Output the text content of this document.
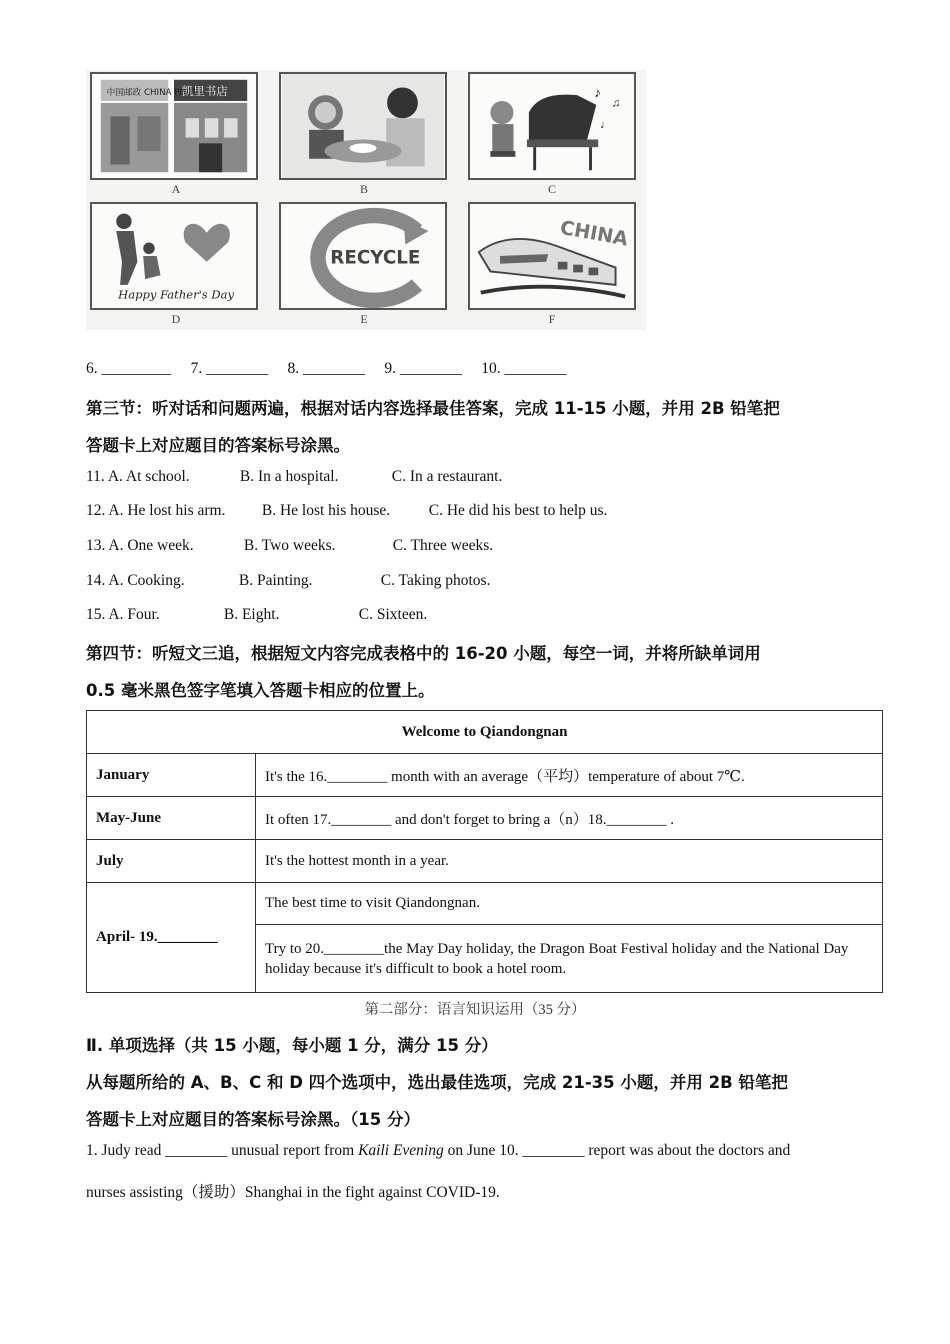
中国邮政 CHINA POST
凯里书店
A	B
♪
♫
♩
C
Happy Father's Day
D
RECYCLE
E
CHINA
F
6. _________ 7. ________ 8. ________ 9. ________ 10. ________
第三节：听对话和问题两遍，根据对话内容选择最佳答案，完成 11-15 小题，并用 2B 铅笔把
答题卡上对应题目的答案标号涂黑。
11. A. At school.	B. In a hospital.	C. In a restaurant.
12. A. He lost his arm. B. He lost his house. C. He did his best to help us.
13. A. One week.	B. Two weeks.	C. Three weeks.
14. A. Cooking.	B. Painting.	C. Taking photos.
15. A. Four.	B. Eight.	C. Sixteen.
第四节：听短文三追，根据短文内容完成表格中的 16-20 小题，每空一词，并将所缺单词用
0.5 毫米黑色签字笔填入答题卡相应的位置上。
Welcome to Qiandongnan	
January	It's the 16.________ month with an average（平均）temperature of about 7℃.
May-June	It often 17.________ and don't forget to bring a（n）18.________ .
July	It's the hottest month in a year.
April- 19.________	The best time to visit Qiandongnan.
	Try to 20.________the May Day holiday, the Dragon Boat Festival holiday and the National Day holiday because it's difficult to book a hotel room.
第二部分：语言知识运用（35 分）
Ⅱ. 单项选择（共 15 小题，每小题 1 分，满分 15 分）
从每题所给的 A、B、C 和 D 四个选项中，选出最佳选项，完成 21-35 小题，并用 2B 铅笔把
答题卡上对应题目的答案标号涂黑。（15 分）
1. Judy read ________ unusual report from Kaili Evening on June 10. ________ report was about the doctors and
nurses assisting（援助）Shanghai in the fight against COVID-19.
